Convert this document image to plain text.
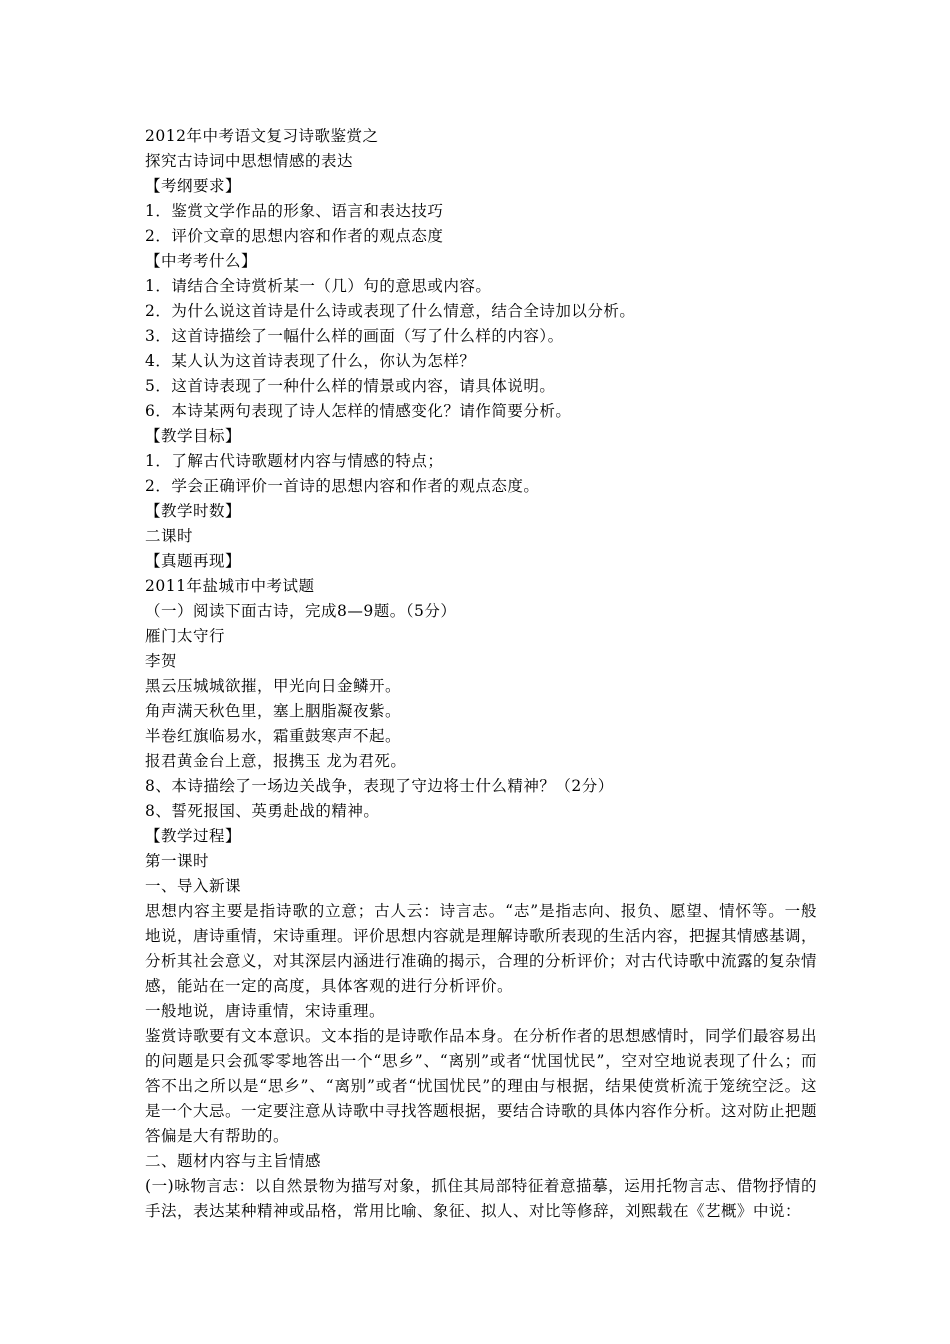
2012年中考语文复习诗歌鉴赏之
探究古诗词中思想情感的表达
【考纲要求】
1．鉴赏文学作品的形象、语言和表达技巧
2．评价文章的思想内容和作者的观点态度
【中考考什么】
1．请结合全诗赏析某一（几）句的意思或内容。
2．为什么说这首诗是什么诗或表现了什么情意，结合全诗加以分析。
3．这首诗描绘了一幅什么样的画面（写了什么样的内容）。
4．某人认为这首诗表现了什么，你认为怎样？
5．这首诗表现了一种什么样的情景或内容，请具体说明。
6．本诗某两句表现了诗人怎样的情感变化？请作简要分析。
【教学目标】
1．了解古代诗歌题材内容与情感的特点；
2．学会正确评价一首诗的思想内容和作者的观点态度。
【教学时数】
二课时
【真题再现】
2011年盐城市中考试题
（一）阅读下面古诗，完成8—9题。（5分）
雁门太守行
李贺
黑云压城城欲摧，甲光向日金鳞开。
角声满天秋色里，塞上胭脂凝夜紫。
半卷红旗临易水，霜重鼓寒声不起。
报君黄金台上意，报携玉 龙为君死。
8、本诗描绘了一场边关战争，表现了守边将士什么精神？（2分）
8、誓死报国、英勇赴战的精神。
【教学过程】
第一课时
一、导入新课
思想内容主要是指诗歌的立意；古人云：诗言志。“志”是指志向、报负、愿望、情怀等。一般地说，唐诗重情，宋诗重理。评价思想内容就是理解诗歌所表现的生活内容，把握其情感基调，分析其社会意义，对其深层内涵进行准确的揭示，合理的分析评价；对古代诗歌中流露的复杂情感，能站在一定的高度，具体客观的进行分析评价。
一般地说，唐诗重情，宋诗重理。
鉴赏诗歌要有文本意识。文本指的是诗歌作品本身。在分析作者的思想感情时，同学们最容易出的问题是只会孤零零地答出一个“思乡”、“离别”或者“忧国忧民”，空对空地说表现了什么；而答不出之所以是“思乡”、“离别”或者“忧国忧民”的理由与根据，结果使赏析流于笼统空泛。这是一个大忌。一定要注意从诗歌中寻找答题根据，要结合诗歌的具体内容作分析。这对防止把题答偏是大有帮助的。
二、题材内容与主旨情感
(一)咏物言志：以自然景物为描写对象，抓住其局部特征着意描摹，运用托物言志、借物抒情的手法，表达某种精神或品格，常用比喻、象征、拟人、对比等修辞，刘熙载在《艺概》中说：
